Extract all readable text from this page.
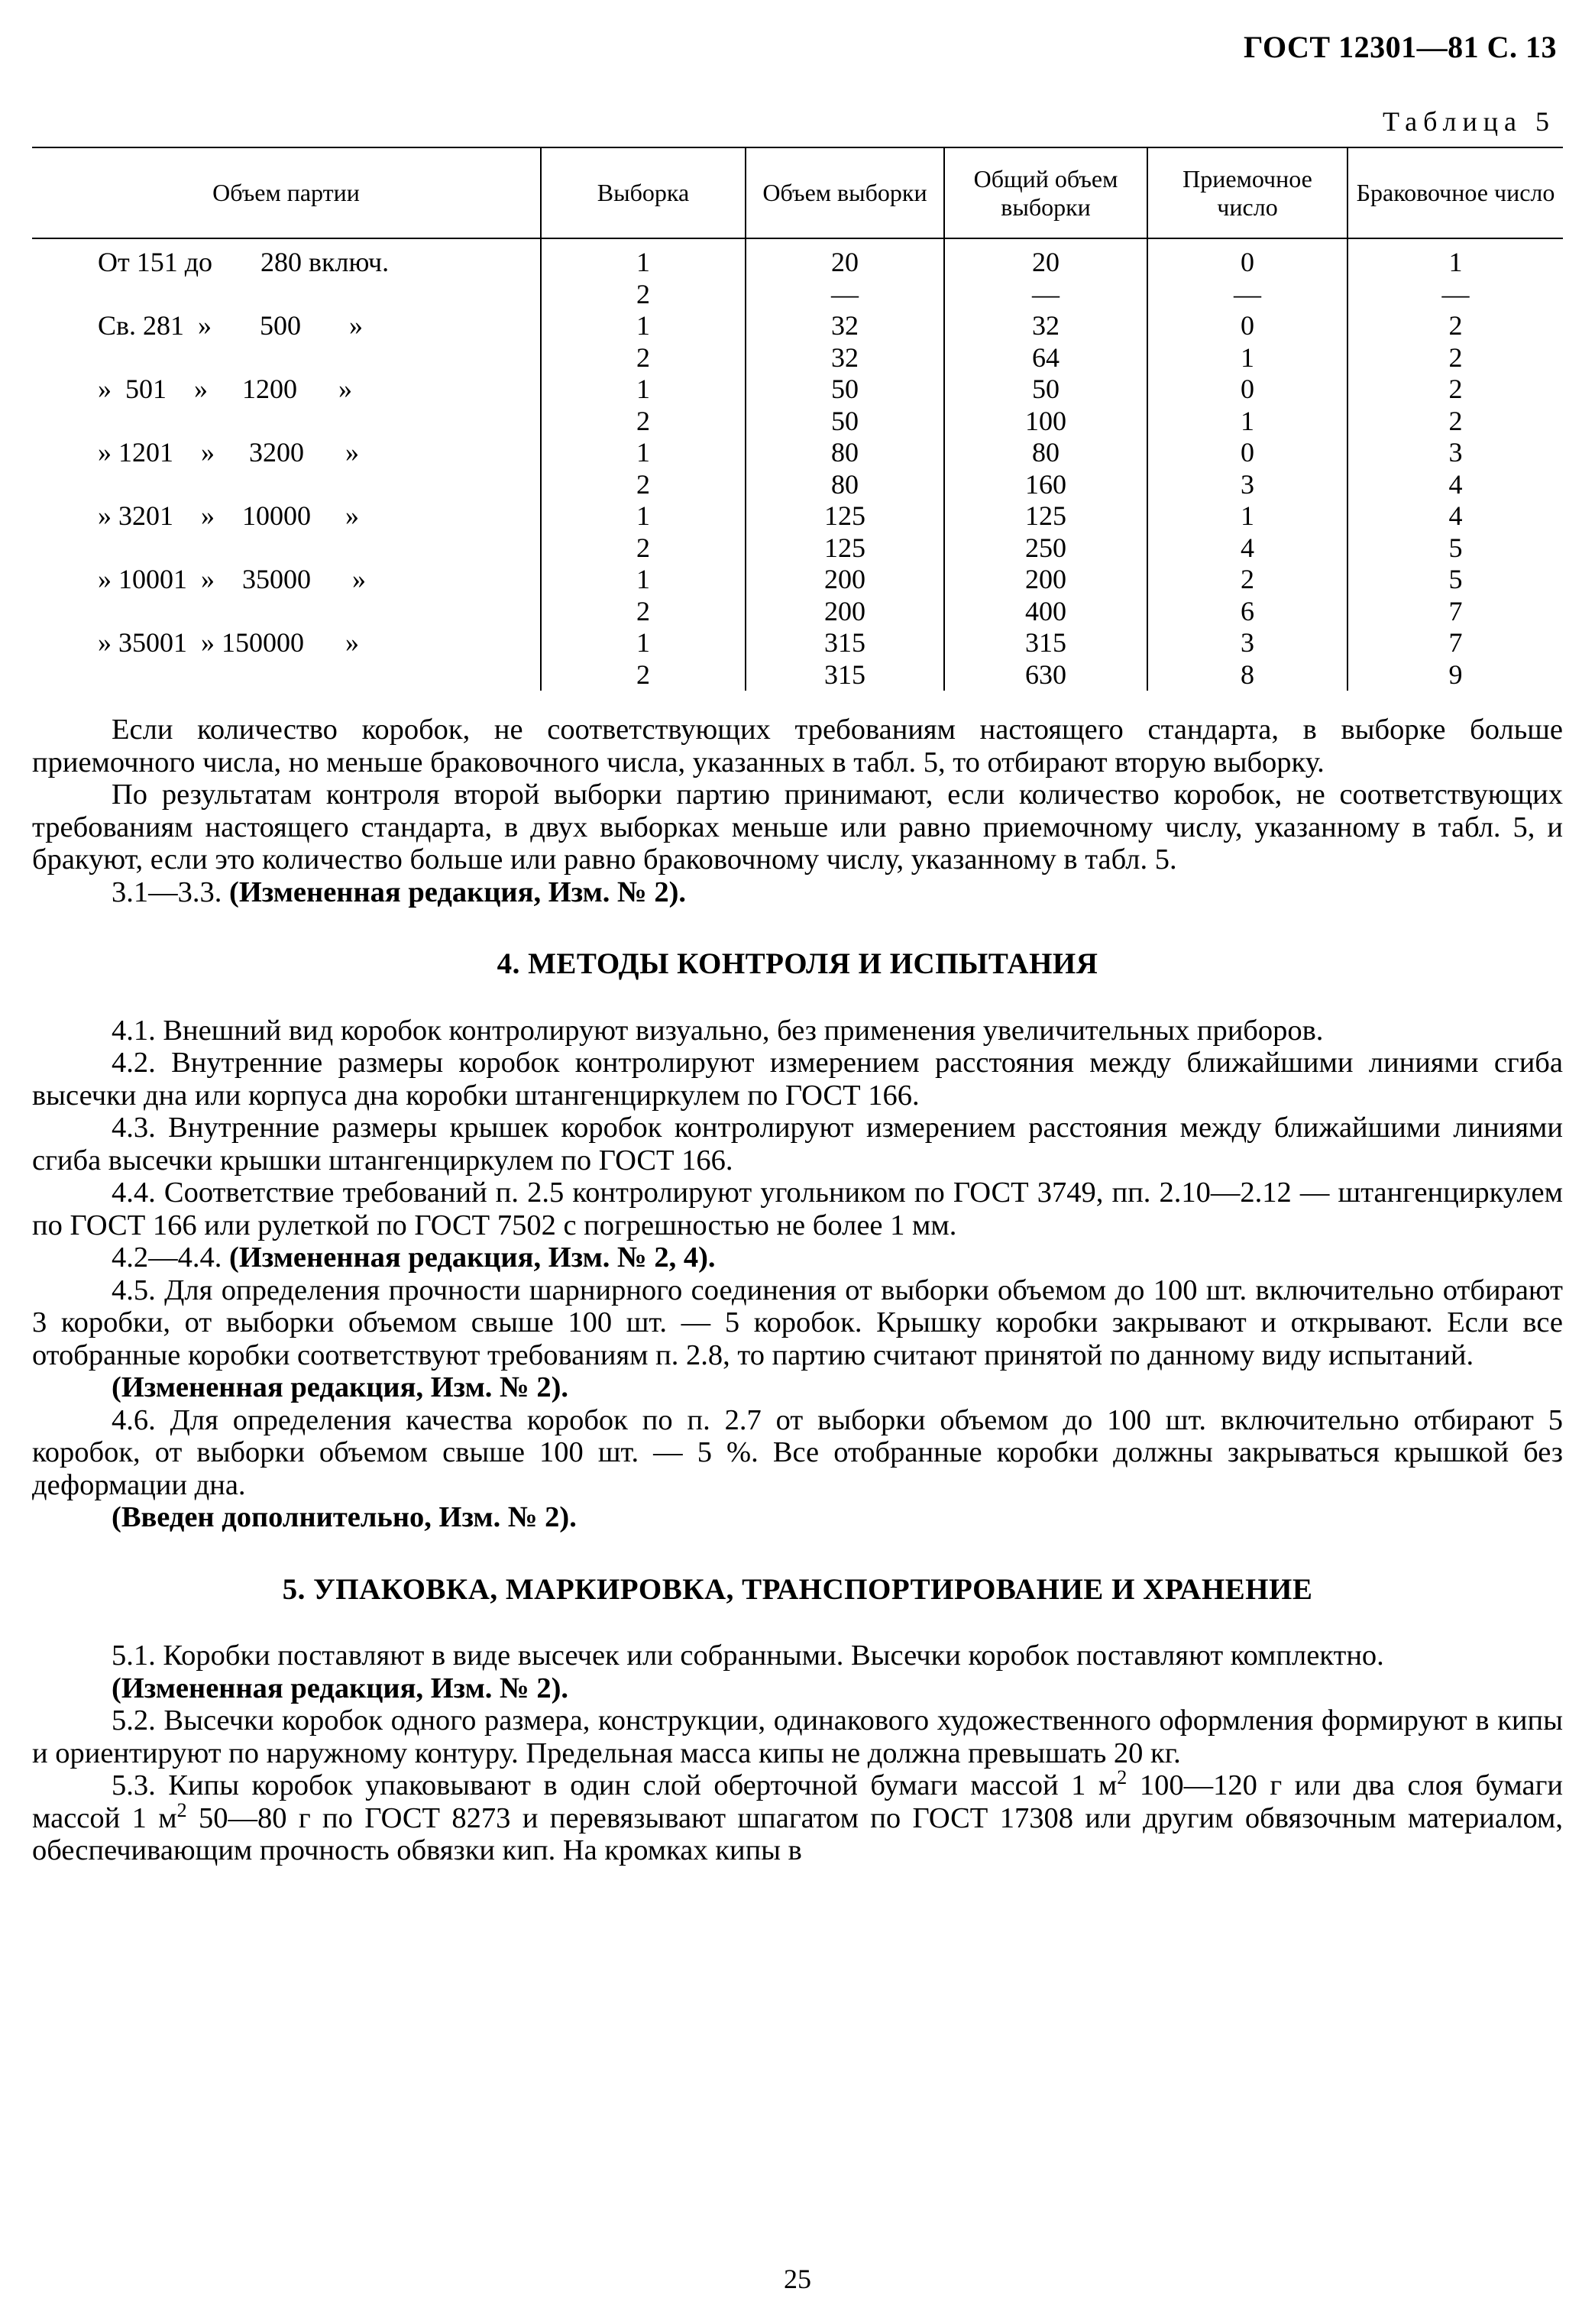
ГОСТ 12301—81 С. 13
Таблица 5
Объем партии	Выборка	Объем выборки	Общий объем выборки	Приемочное число	Браковочное число
От 151 до       280 включ.	1	20	20	0	1
	2	—	—	—	—
Св. 281  »       500       »	1	32	32	0	2
	2	32	64	1	2
»  501    »     1200      »	1	50	50	0	2
	2	50	100	1	2
» 1201    »     3200      »	1	80	80	0	3
	2	80	160	3	4
» 3201    »    10000     »	1	125	125	1	4
	2	125	250	4	5
» 10001  »    35000      »	1	200	200	2	5
	2	200	400	6	7
» 35001  » 150000      »	1	315	315	3	7
	2	315	630	8	9

Если количество коробок, не соответствующих требованиям настоящего стандарта, в выборке больше приемочного числа, но меньше браковочного числа, указанных в табл. 5, то отбирают вторую выборку.

По результатам контроля второй выборки партию принимают, если количество коробок, не соответствующих требованиям настоящего стандарта, в двух выборках меньше или равно приемочному числу, указанному в табл. 5, и бракуют, если это количество больше или равно браковочному числу, указанному в табл. 5.

3.1—3.3. (Измененная редакция, Изм. № 2).

4. МЕТОДЫ КОНТРОЛЯ И ИСПЫТАНИЯ

4.1. Внешний вид коробок контролируют визуально, без применения увеличительных приборов.

4.2. Внутренние размеры коробок контролируют измерением расстояния между ближайшими линиями сгиба высечки дна или корпуса дна коробки штангенциркулем по ГОСТ 166.

4.3. Внутренние размеры крышек коробок контролируют измерением расстояния между ближайшими линиями сгиба высечки крышки штангенциркулем по ГОСТ 166.

4.4. Соответствие требований п. 2.5 контролируют угольником по ГОСТ 3749, пп. 2.10—2.12 — штангенциркулем по ГОСТ 166 или рулеткой по ГОСТ 7502 с погрешностью не более 1 мм.

4.2—4.4. (Измененная редакция, Изм. № 2, 4).

4.5. Для определения прочности шарнирного соединения от выборки объемом до 100 шт. включительно отбирают 3 коробки, от выборки объемом свыше 100 шт. — 5 коробок. Крышку коробки закрывают и открывают. Если все отобранные коробки соответствуют требованиям п. 2.8, то партию считают принятой по данному виду испытаний.

(Измененная редакция, Изм. № 2).

4.6. Для определения качества коробок по п. 2.7 от выборки объемом до 100 шт. включительно отбирают 5 коробок, от выборки объемом свыше 100 шт. — 5 %. Все отобранные коробки должны закрываться крышкой без деформации дна.

(Введен дополнительно, Изм. № 2).

5. УПАКОВКА, МАРКИРОВКА, ТРАНСПОРТИРОВАНИЕ И ХРАНЕНИЕ

5.1. Коробки поставляют в виде высечек или собранными. Высечки коробок поставляют комплектно.

(Измененная редакция, Изм. № 2).

5.2. Высечки коробок одного размера, конструкции, одинакового художественного оформления формируют в кипы и ориентируют по наружному контуру. Предельная масса кипы не должна превышать 20 кг.

5.3. Кипы коробок упаковывают в один слой оберточной бумаги массой 1 $м^2$ 100—120 г или два слоя бумаги массой 1 $м^2$ 50—80 г по ГОСТ 8273 и перевязывают шпагатом по ГОСТ 17308 или другим обвязочным материалом, обеспечивающим прочность обвязки кип. На кромках кипы в

25
